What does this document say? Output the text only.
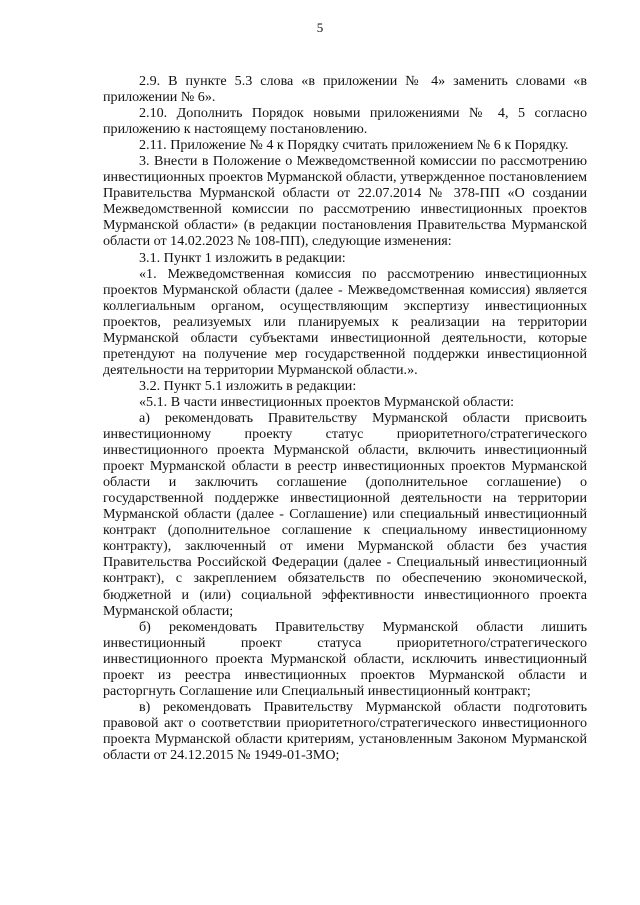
5

2.9. В пункте 5.3 слова «в приложении № 4» заменить словами «в приложении № 6».

2.10. Дополнить Порядок новыми приложениями № 4, 5 согласно приложению к настоящему постановлению.

2.11. Приложение № 4 к Порядку считать приложением № 6 к Порядку.

3. Внести в Положение о Межведомственной комиссии по рассмотрению инвестиционных проектов Мурманской области, утвержденное постановлением Правительства Мурманской области от 22.07.2014 № 378-ПП «О создании Межведомственной комиссии по рассмотрению инвестиционных проектов Мурманской области» (в редакции постановления Правительства Мурманской области от 14.02.2023 № 108-ПП), следующие изменения:

3.1. Пункт 1 изложить в редакции:

«1. Межведомственная комиссия по рассмотрению инвестиционных проектов Мурманской области (далее - Межведомственная комиссия) является коллегиальным органом, осуществляющим экспертизу инвестиционных проектов, реализуемых или планируемых к реализации на территории Мурманской области субъектами инвестиционной деятельности, которые претендуют на получение мер государственной поддержки инвестиционной деятельности на территории Мурманской области.».

3.2. Пункт 5.1 изложить в редакции:

«5.1. В части инвестиционных проектов Мурманской области:

а) рекомендовать Правительству Мурманской области присвоить инвестиционному проекту статус приоритетного/стратегического инвестиционного проекта Мурманской области, включить инвестиционный проект Мурманской области в реестр инвестиционных проектов Мурманской области и заключить соглашение (дополнительное соглашение) о государственной поддержке инвестиционной деятельности на территории Мурманской области (далее - Соглашение) или специальный инвестиционный контракт (дополнительное соглашение к специальному инвестиционному контракту), заключенный от имени Мурманской области без участия Правительства Российской Федерации (далее - Специальный инвестиционный контракт), с закреплением обязательств по обеспечению экономической, бюджетной и (или) социальной эффективности инвестиционного проекта Мурманской области;

б) рекомендовать Правительству Мурманской области лишить инвестиционный проект статуса приоритетного/стратегического инвестиционного проекта Мурманской области, исключить инвестиционный проект из реестра инвестиционных проектов Мурманской области и расторгнуть Соглашение или Специальный инвестиционный контракт;

в) рекомендовать Правительству Мурманской области подготовить правовой акт о соответствии приоритетного/стратегического инвестиционного проекта Мурманской области критериям, установленным Законом Мурманской области от 24.12.2015 № 1949-01-ЗМО;
